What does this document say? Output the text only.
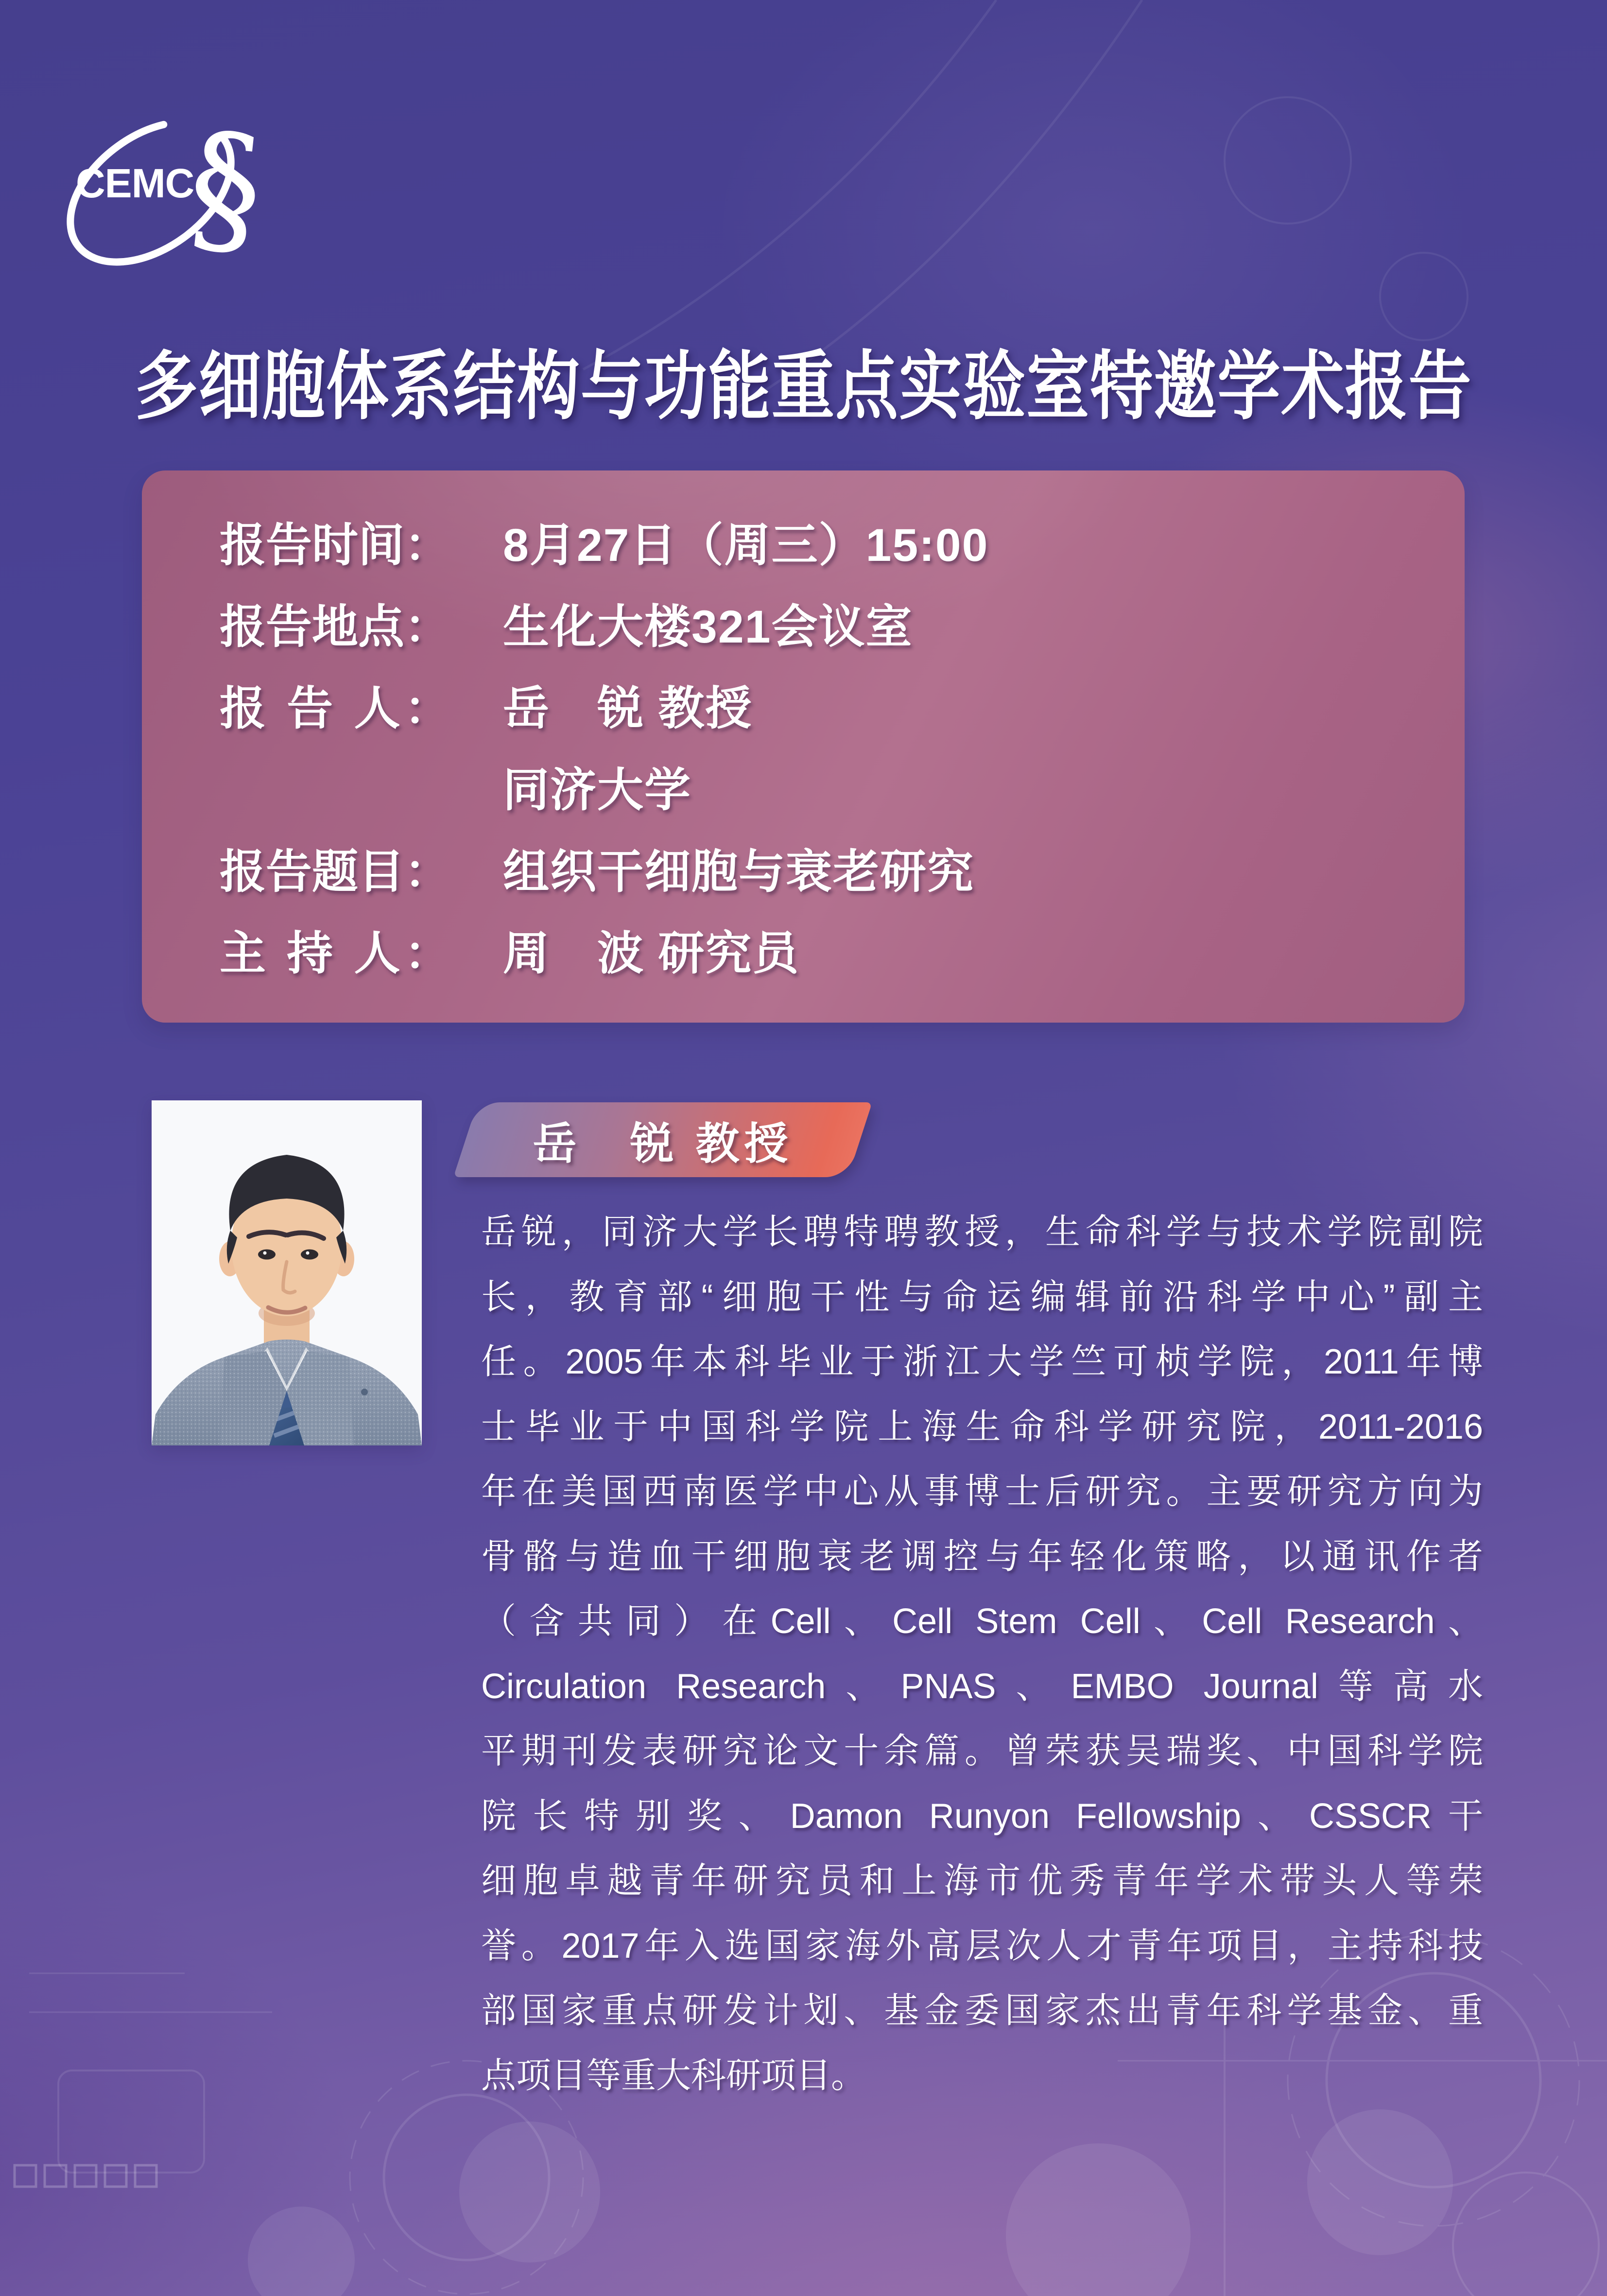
CEMC
§
多细胞体系结构与功能重点实验室特邀学术报告
报告时间： 8月27日（周三）15:00
报告地点： 生化大楼321会议室
报 告 人： 岳　锐 教授
同济大学
报告题目： 组织干细胞与衰老研究
主 持 人： 周　波 研究员
岳　锐 教授
岳锐，同济大学长聘特聘教授，生命科学与技术学院副院
长，教育部“细胞干性与命运编辑前沿科学中心”副主
任。2005年本科毕业于浙江大学竺可桢学院，2011年博
士毕业于中国科学院上海生命科学研究院，2011-2016
年在美国西南医学中心从事博士后研究。主要研究方向为
骨骼与造血干细胞衰老调控与年轻化策略，以通讯作者
（含共同）在Cell、Cell Stem Cell、Cell Research、
Circulation Research、PNAS、EMBO Journal等高水
平期刊发表研究论文十余篇。曾荣获吴瑞奖、中国科学院
院长特别奖、Damon Runyon Fellowship、CSSCR干
细胞卓越青年研究员和上海市优秀青年学术带头人等荣
誉。2017年入选国家海外高层次人才青年项目，主持科技
部国家重点研发计划、基金委国家杰出青年科学基金、重
点项目等重大科研项目。
